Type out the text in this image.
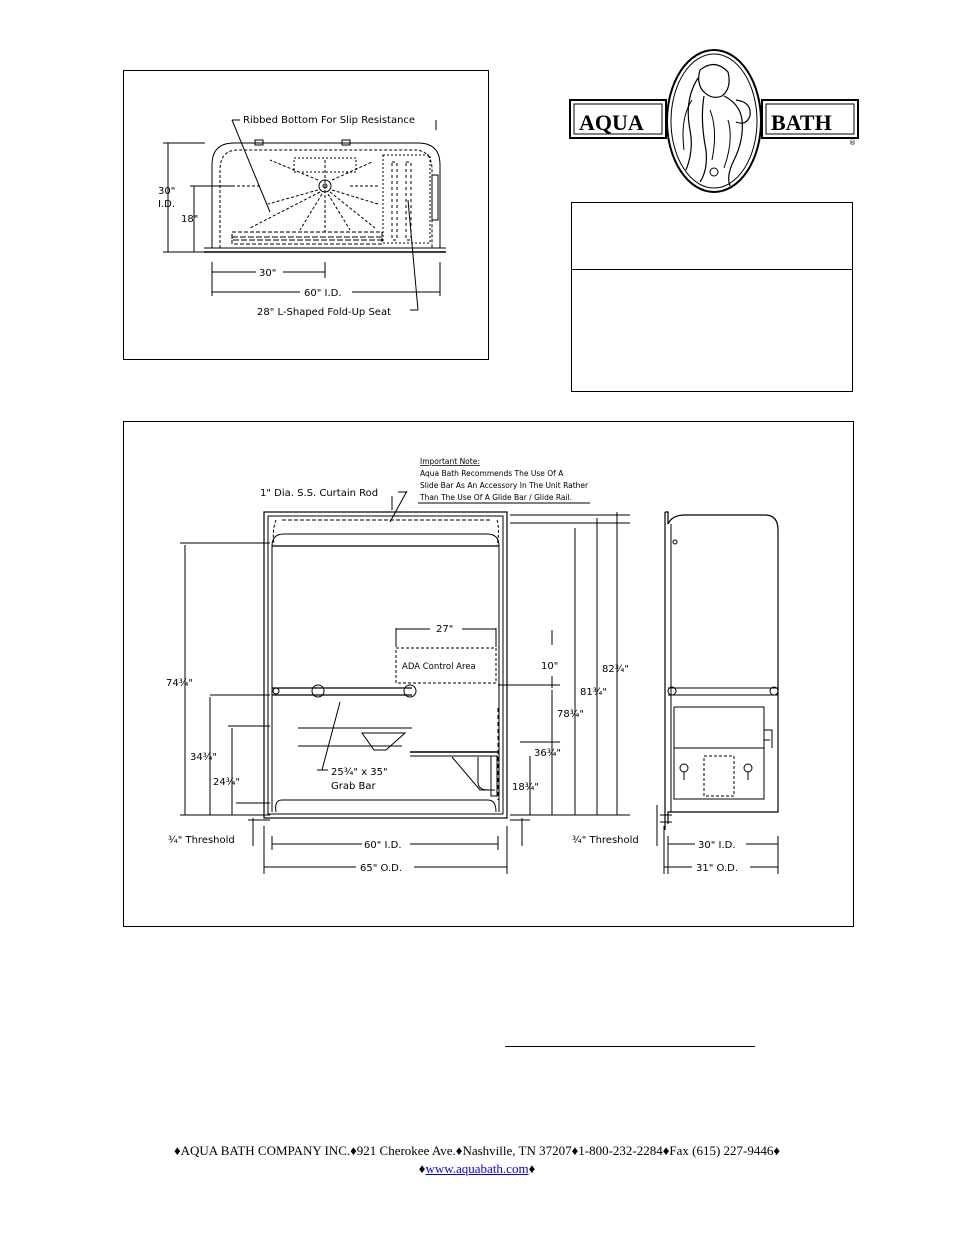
Ribbed Bottom For Slip Resistance
30"
I.D.
18"
30"
60" I.D.
28" L-Shaped Fold-Up Seat
AQUA	BATH
®
Important Note:
Aqua Bath Recommends The Use Of A
Slide Bar As An Accessory In The Unit Rather
Than The Use Of A Glide Bar / Glide Rail.
1" Dia. S.S. Curtain Rod
27"
ADA Control Area	10"	82¾"
81¾"
78¾"
74¾"
36¾"
34¾"
24¾"	18¾"
25¾" x 35"
Grab Bar
¾" Threshold	¾" Threshold
60" I.D.
65" O.D.
30" I.D.
31" O.D.
♦AQUA BATH COMPANY INC.♦921 Cherokee Ave.♦Nashville, TN 37207♦1-800-232-2284♦Fax (615) 227-9446♦
♦www.aquabath.com♦
